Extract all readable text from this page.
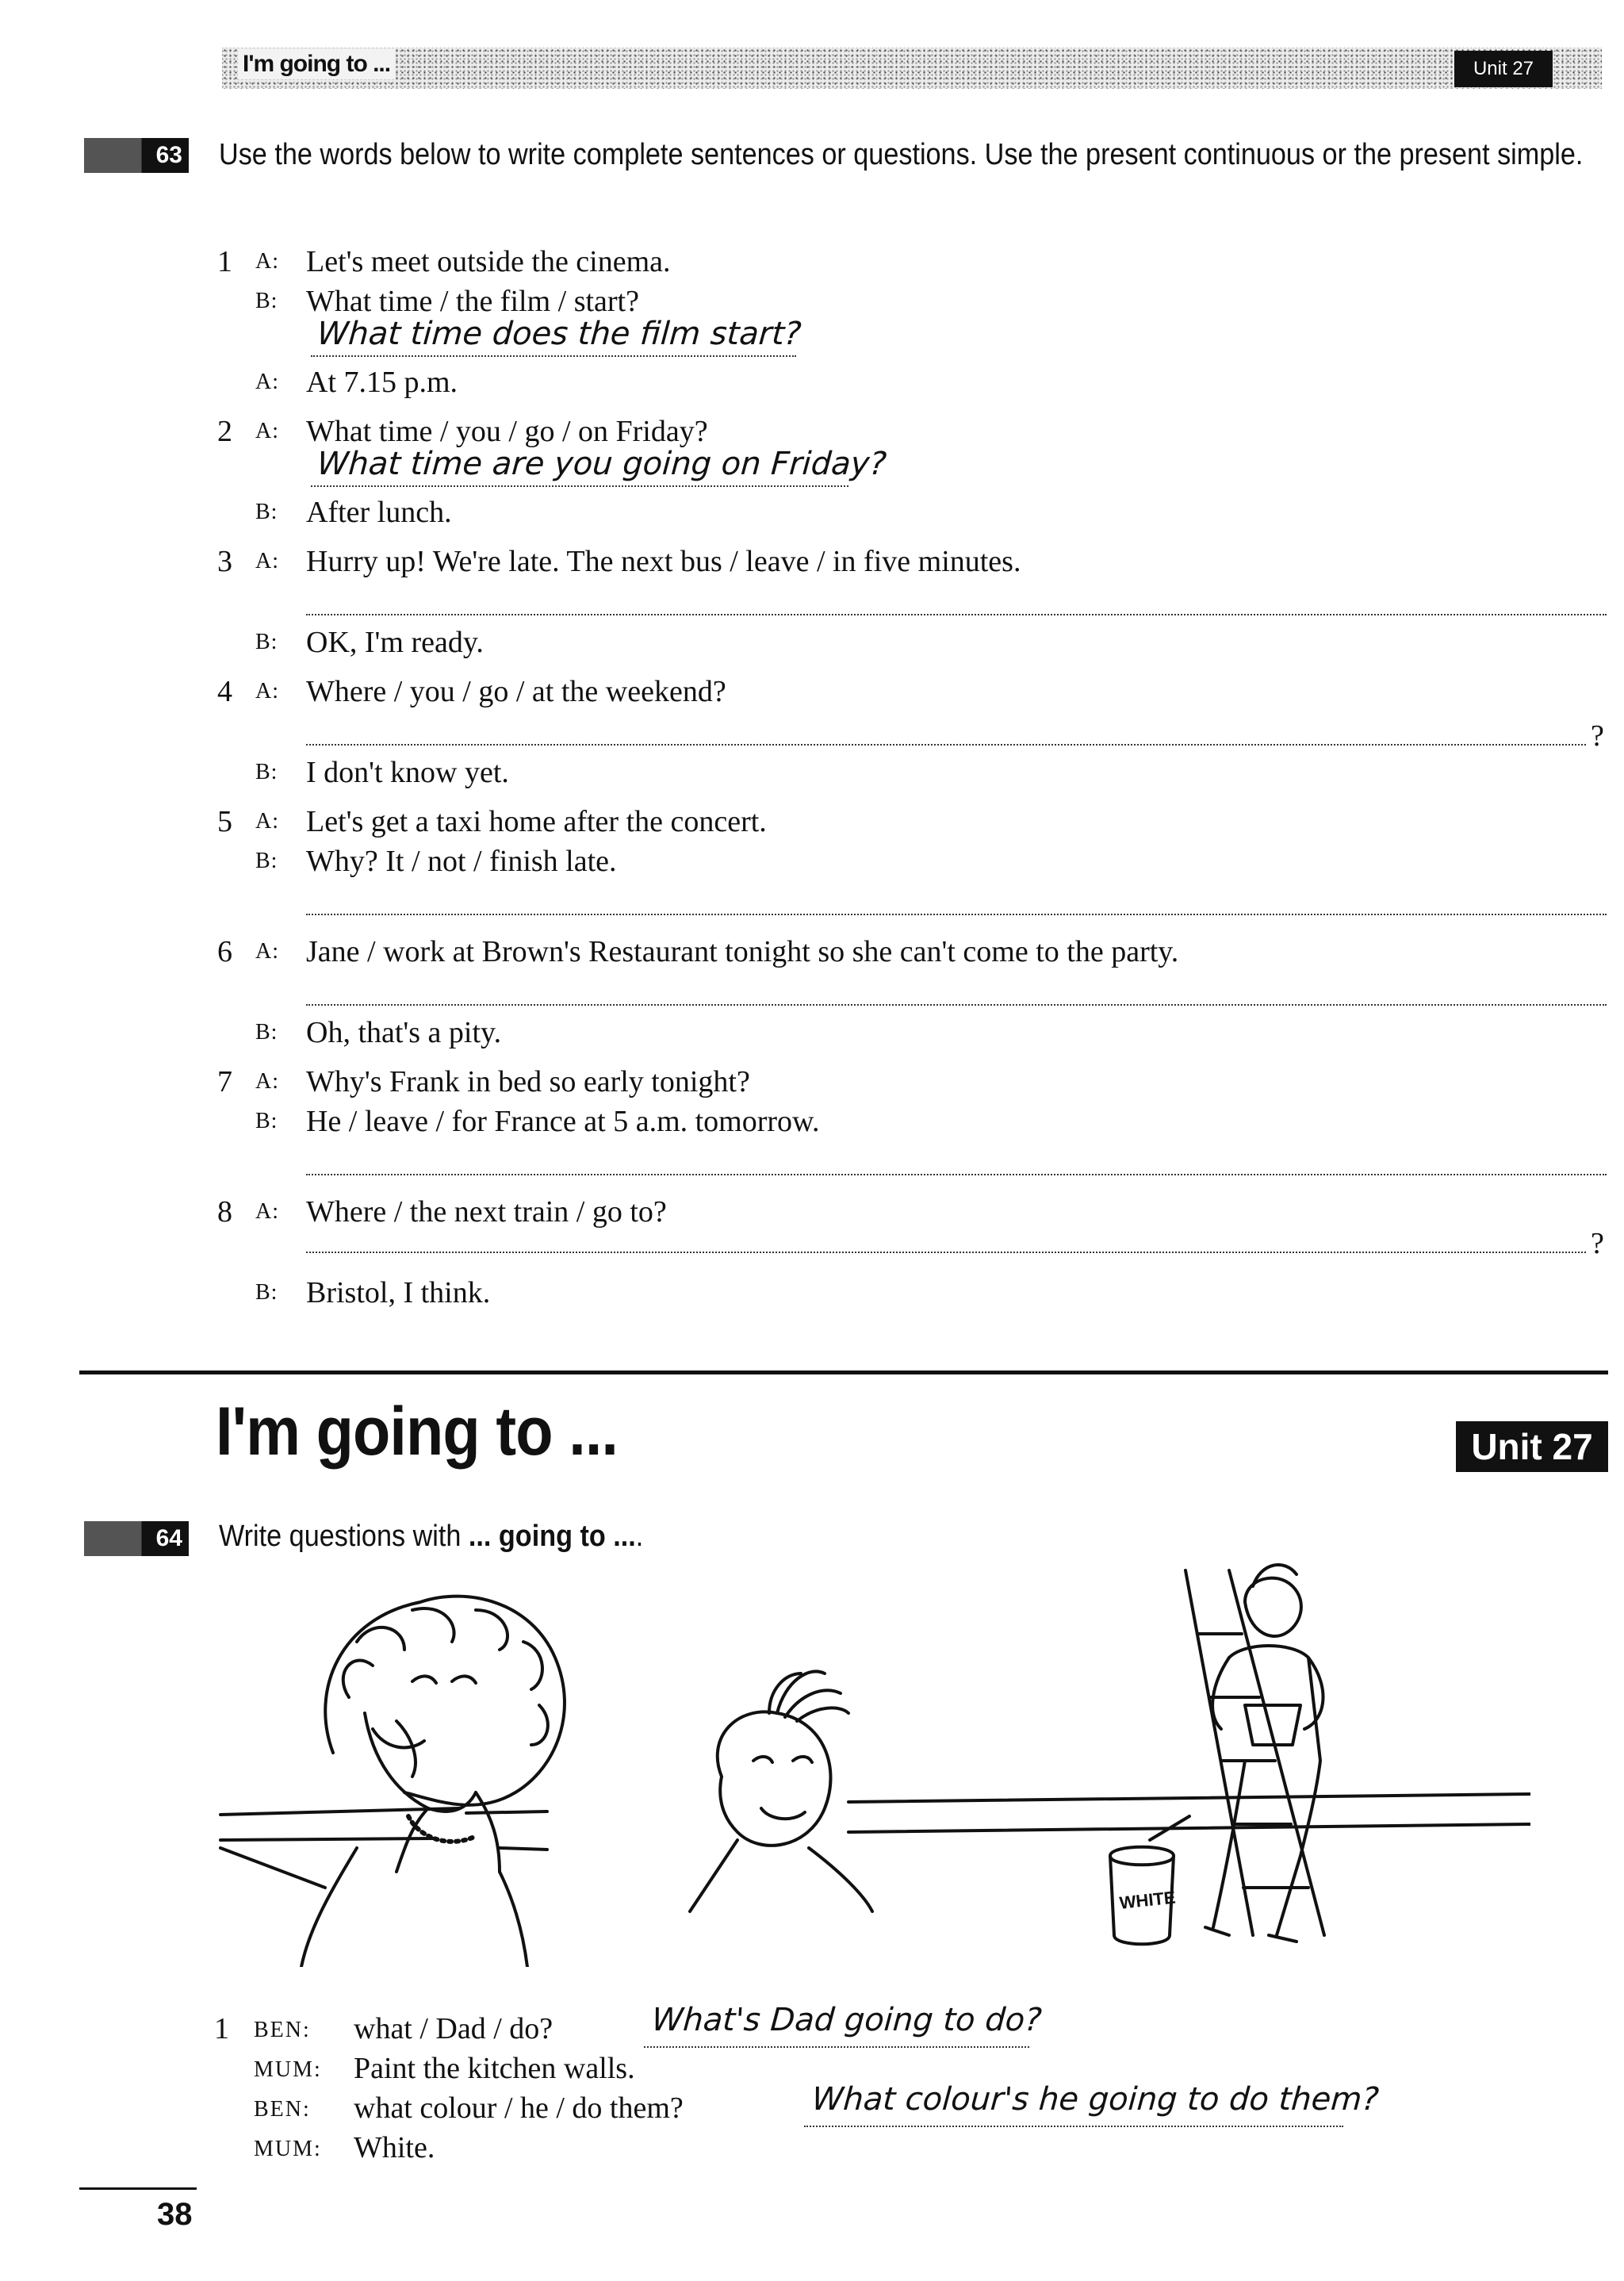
I'm going to ...	Unit 27
63 Use the words below to write complete sentences or questions. Use the present continuous or the present simple.
1 A: Let's meet outside the cinema.
B: What time / the film / start?
What time does the film start?
A: At 7.15 p.m.
2 A: What time / you / go / on Friday?
What time are you going on Friday?
B: After lunch.
3 A: Hurry up! We're late. The next bus / leave / in five minutes.
B: OK, I'm ready.
4 A: Where / you / go / at the weekend?
?
B: I don't know yet.
5 A: Let's get a taxi home after the concert.
B: Why? It / not / finish late.
6 A: Jane / work at Brown's Restaurant tonight so she can't come to the party.
B: Oh, that's a pity.
7 A: Why's Frank in bed so early tonight?
B: He / leave / for France at 5 a.m. tomorrow.
8 A: Where / the next train / go to?
?
B: Bristol, I think.
I'm going to ...	Unit 27
64 Write questions with ... going to ....
WHITE
1 BEN: what / Dad / do?	What's Dad going to do?
MUM: Paint the kitchen walls.
BEN: what colour / he / do them?	What colour's he going to do them?
MUM: White.
38
